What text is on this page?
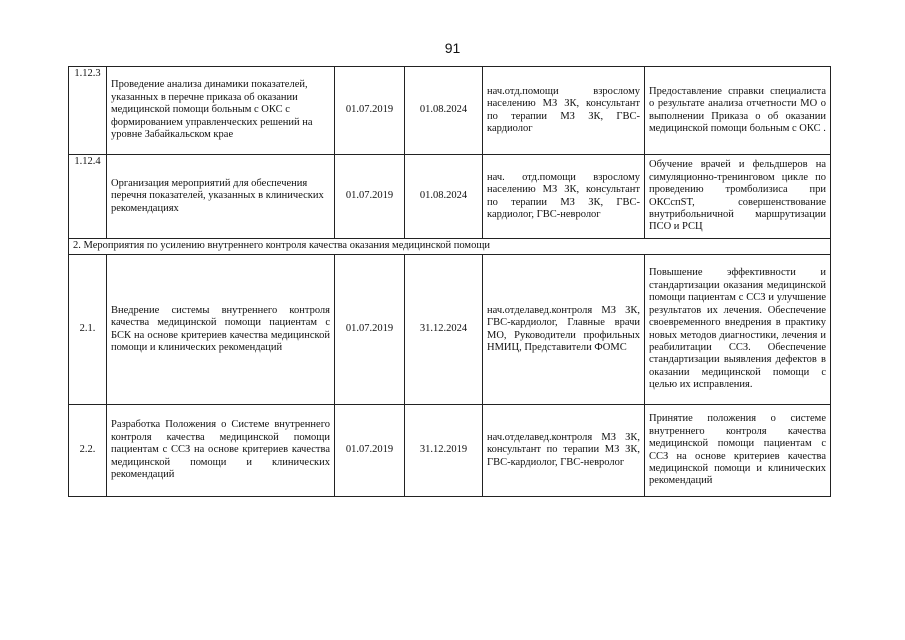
91
1.12.3	Проведение анализа динамики показателей, указанных в перечне приказа об оказании медицинской помощи больным с ОКС с формированием управленческих решений на уровне Забайкальском крае	01.07.2019	01.08.2024	нач.отд.помощи взрослому населению МЗ ЗК, консультант по терапии МЗ ЗК, ГВС-кардиолог	Предоставление справки специалиста о результате анализа отчетности МО о выполнении Приказа о об оказании медицинской помощи больным с ОКС .
1.12.4	Организация мероприятий для обеспечения перечня показателей, указанных в клинических рекомендациях	01.07.2019	01.08.2024	нач. отд.помощи взрослому населению МЗ ЗК, консультант по терапии МЗ ЗК, ГВС-кардиолог, ГВС-невролог	Обучение врачей и фельдшеров на симуляционно-тренинговом цикле по проведению тромболизиса при ОКСcпST, совершенствование внутрибольничной маршрутизации ПСО и РСЦ
2. Мероприятия по усилению внутреннего контроля качества оказания медицинской помощи					
2.1.	Внедрение системы внутреннего контроля качества медицинской помощи пациентам с БСК на основе критериев качества медицинской помощи и клинических рекомендаций	01.07.2019	31.12.2024	нач.отделавед.контроля МЗ ЗК, ГВС-кардиолог, Главные врачи МО, Руководители профильных НМИЦ, Представители ФОМС	Повышение эффективности и стандартизации оказания медицинской помощи пациентам с ССЗ и улучшение результатов их лечения. Обеспечение своевременного внедрения в практику новых методов диагностики, лечения и реабилитации ССЗ. Обеспечение стандартизации выявления дефектов в оказании медицинской помощи с целью их исправления.
2.2.	Разработка Положения о Системе внутреннего контроля качества медицинской помощи пациентам с ССЗ на основе критериев качества медицинской помощи и клинических рекомендаций	01.07.2019	31.12.2019	нач.отделавед.контроля МЗ ЗК, консультант по терапии МЗ ЗК, ГВС-кардиолог, ГВС-невролог	Принятие положения о системе внутреннего контроля качества медицинской помощи пациентам с ССЗ на основе критериев качества медицинской помощи и клинических рекомендаций
